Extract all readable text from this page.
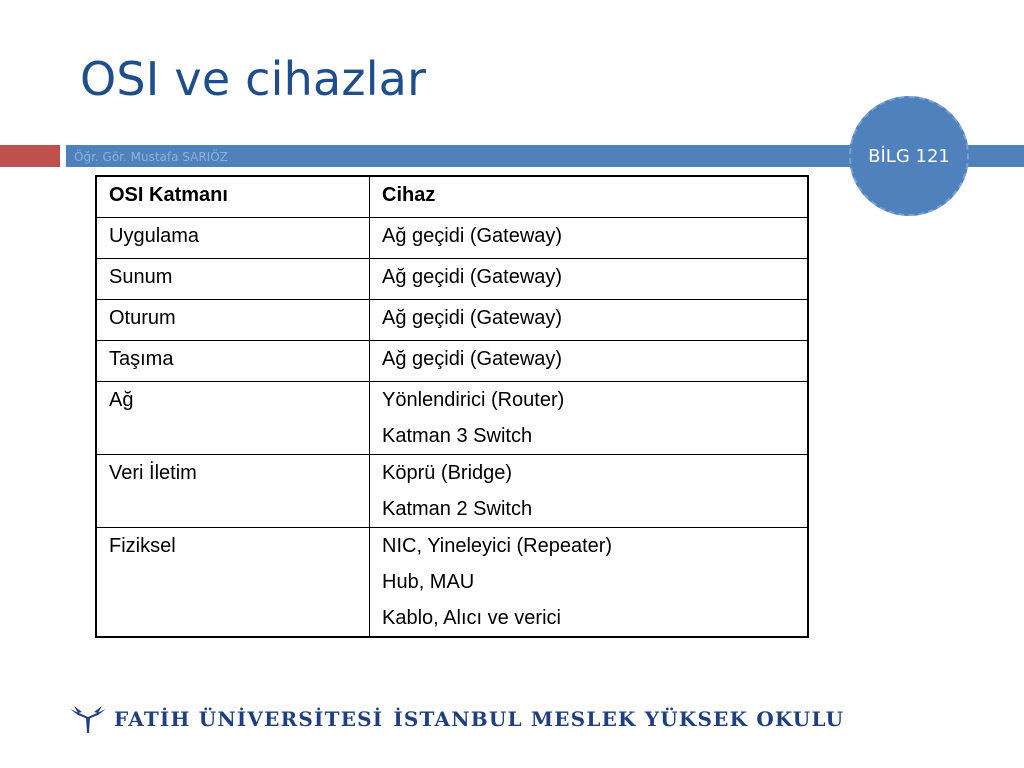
OSI ve cihazlar
Öğr. Gör. Mustafa SARIÖZ	BİLG 121
OSI Katmanı	Cihaz
Uygulama	Ağ geçidi (Gateway)

Sunum	Ağ geçidi (Gateway)

Oturum	Ağ geçidi (Gateway)

Taşıma	Ağ geçidi (Gateway)

Ağ	Yönlendirici (Router)
Katman 3 Switch

Veri İletim	Köprü (Bridge)
Katman 2 Switch

Fiziksel	NIC, Yineleyici (Repeater)
Hub, MAU
Kablo, Alıcı ve verici
FATİH ÜNİVERSİTESİ İSTANBUL MESLEK YÜKSEK OKULU
